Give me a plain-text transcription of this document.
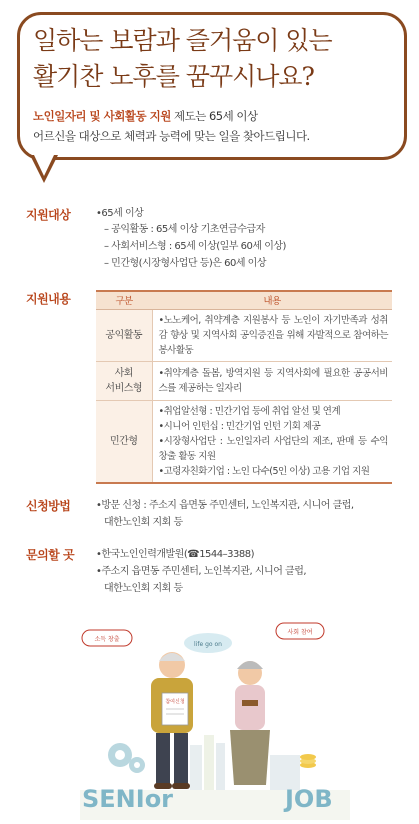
일하는 보람과 즐거움이 있는
활기찬 노후를 꿈꾸시나요?
노인일자리 및 사회활동 지원 제도는 65세 이상
어르신을 대상으로 체력과 능력에 맞는 일을 찾아드립니다.
지원대상	•65세 이상
– 공익활동 : 65세 이상 기초연금수급자
– 사회서비스형 : 65세 이상(일부 60세 이상)
– 민간형(시장형사업단 등)은 60세 이상
지원내용	구분	내용
공익활동	•노노케어, 취약계층 지원봉사 등 노인이 자기만족과 성취감 향상 및 지역사회 공익증진을 위해 자발적으로 참여하는 봉사활동
사회
서비스형	•취약계층 돌봄, 방역지원 등 지역사회에 필요한 공공서비스를 제공하는 일자리
민간형	•취업알선형 : 민간기업 등에 취업 알선 및 연계
•시니어 인턴십 : 민간기업 인턴 기회 제공
•시장형사업단 : 노인일자리 사업단의 제조, 판매 등 수익 창출 활동 지원
•고령자친화기업 : 노인 다수(5인 이상) 고용 기업 지원
신청방법	•방문 신청 : 주소지 읍면동 주민센터, 노인복지관, 시니어 클럽,
대한노인회 지회 등
문의할 곳 •한국노인인력개발원(☎1544–3388)
•주소지 읍면동 주민센터, 노인복지관, 시니어 클럽,
대한노인회 지회 등
참여신청
소득 창출
life go on
사회 참여
SENIor	JOB
